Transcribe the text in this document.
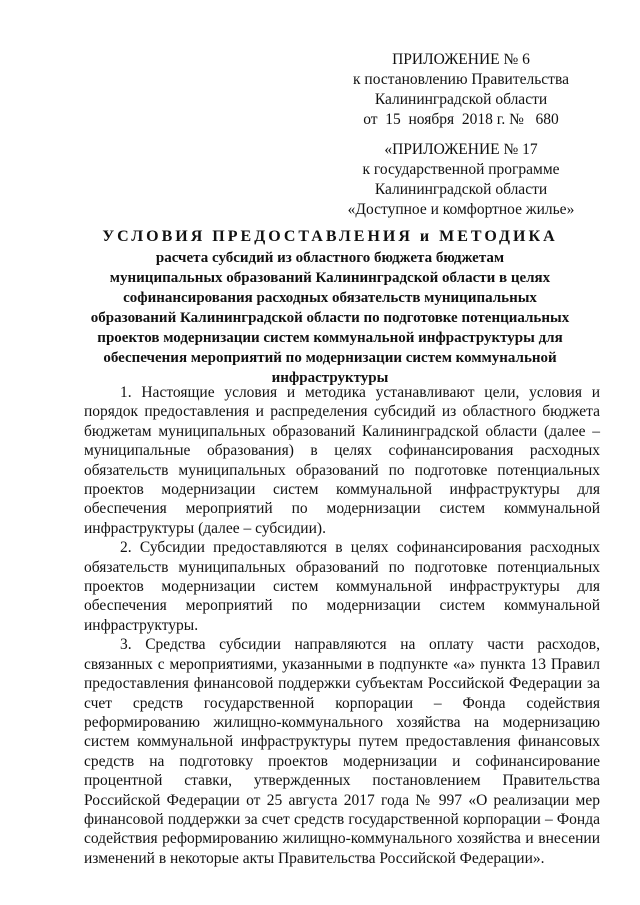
ПРИЛОЖЕНИЕ № 6
к постановлению Правительства
Калининградской области
от  15  ноября  2018 г. №   680
«ПРИЛОЖЕНИЕ № 17
к государственной программе
Калининградской области
«Доступное и комфортное жилье»
УСЛОВИЯ ПРЕДОСТАВЛЕНИЯ и МЕТОДИКА
расчета субсидий из областного бюджета бюджетам
муниципальных образований Калининградской области в целях
софинансирования расходных обязательств муниципальных
образований Калининградской области по подготовке потенциальных
проектов модернизации систем коммунальной инфраструктуры для
обеспечения мероприятий по модернизации систем коммунальной
инфраструктуры

1. Настоящие условия и методика устанавливают цели, условия и порядок предоставления и распределения субсидий из областного бюджета бюджетам муниципальных образований Калининградской области (далее – муниципальные образования) в целях софинансирования расходных обязательств муниципальных образований по подготовке потенциальных проектов модернизации систем коммунальной инфраструктуры для обеспечения мероприятий по модернизации систем коммунальной инфраструктуры (далее – субсидии).

2. Субсидии предоставляются в целях софинансирования расходных обязательств муниципальных образований по подготовке потенциальных проектов модернизации систем коммунальной инфраструктуры для обеспечения мероприятий по модернизации систем коммунальной инфраструктуры.

3. Средства субсидии направляются на оплату части расходов, связанных с мероприятиями, указанными в подпункте «а» пункта 13 Правил предоставления финансовой поддержки субъектам Российской Федерации за счет средств государственной корпорации – Фонда содействия реформированию жилищно-коммунального хозяйства на модернизацию систем коммунальной инфраструктуры путем предоставления финансовых средств на подготовку проектов модернизации и софинансирование процентной ставки, утвержденных постановлением Правительства Российской Федерации от 25 августа 2017 года № 997 «О реализации мер финансовой поддержки за счет средств государственной корпорации – Фонда содействия реформированию жилищно-коммунального хозяйства и внесении изменений в некоторые акты Правительства Российской Федерации».
